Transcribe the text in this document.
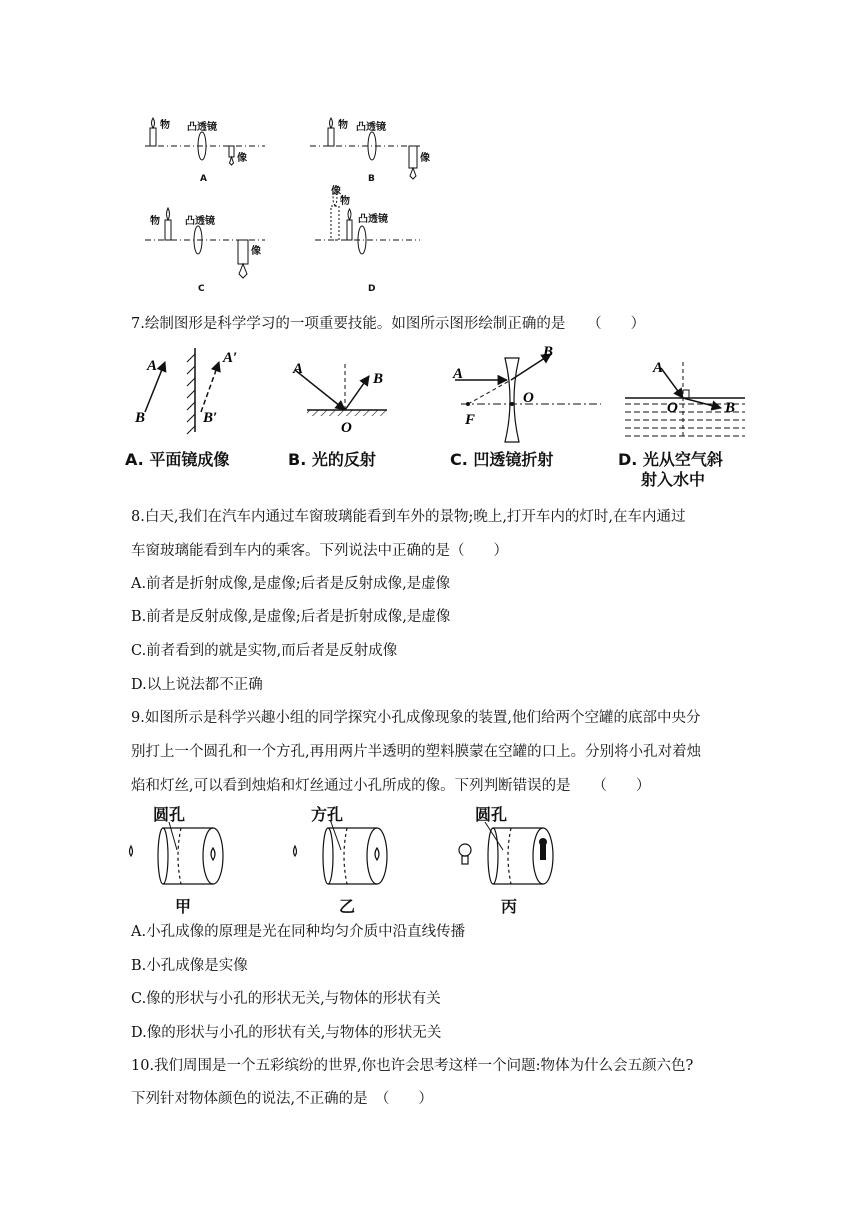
物 凸透镜
像
物 凸透镜
像
物	凸透镜
像
像
物
凸透镜
A	B
C	D
7.绘制图形是科学学习的一项重要技能。如图所示图形绘制正确的是　　（　　）
A
B
A′
B′
A
B
O
A
B
O
F
A
B
O
A. 平面镜成像	B. 光的反射	C. 凹透镜折射	D. 光从空气斜
射入水中
8.白天,我们在汽车内通过车窗玻璃能看到车外的景物;晚上,打开车内的灯时,在车内通过
车窗玻璃能看到车内的乘客。下列说法中正确的是（　　）
A.前者是折射成像,是虚像;后者是反射成像,是虚像
B.前者是反射成像,是虚像;后者是折射成像,是虚像
C.前者看到的就是实物,而后者是反射成像
D.以上说法都不正确
9.如图所示是科学兴趣小组的同学探究小孔成像现象的装置,他们给两个空罐的底部中央分
别打上一个圆孔和一个方孔,再用两片半透明的塑料膜蒙在空罐的口上。分别将小孔对着烛
焰和灯丝,可以看到烛焰和灯丝通过小孔所成的像。下列判断错误的是　　（　　）
圆孔	方孔	圆孔
甲	乙	丙
A.小孔成像的原理是光在同种均匀介质中沿直线传播
B.小孔成像是实像
C.像的形状与小孔的形状无关,与物体的形状有关
D.像的形状与小孔的形状有关,与物体的形状无关
10.我们周围是一个五彩缤纷的世界,你也许会思考这样一个问题:物体为什么会五颜六色?
下列针对物体颜色的说法,不正确的是　（　　）
